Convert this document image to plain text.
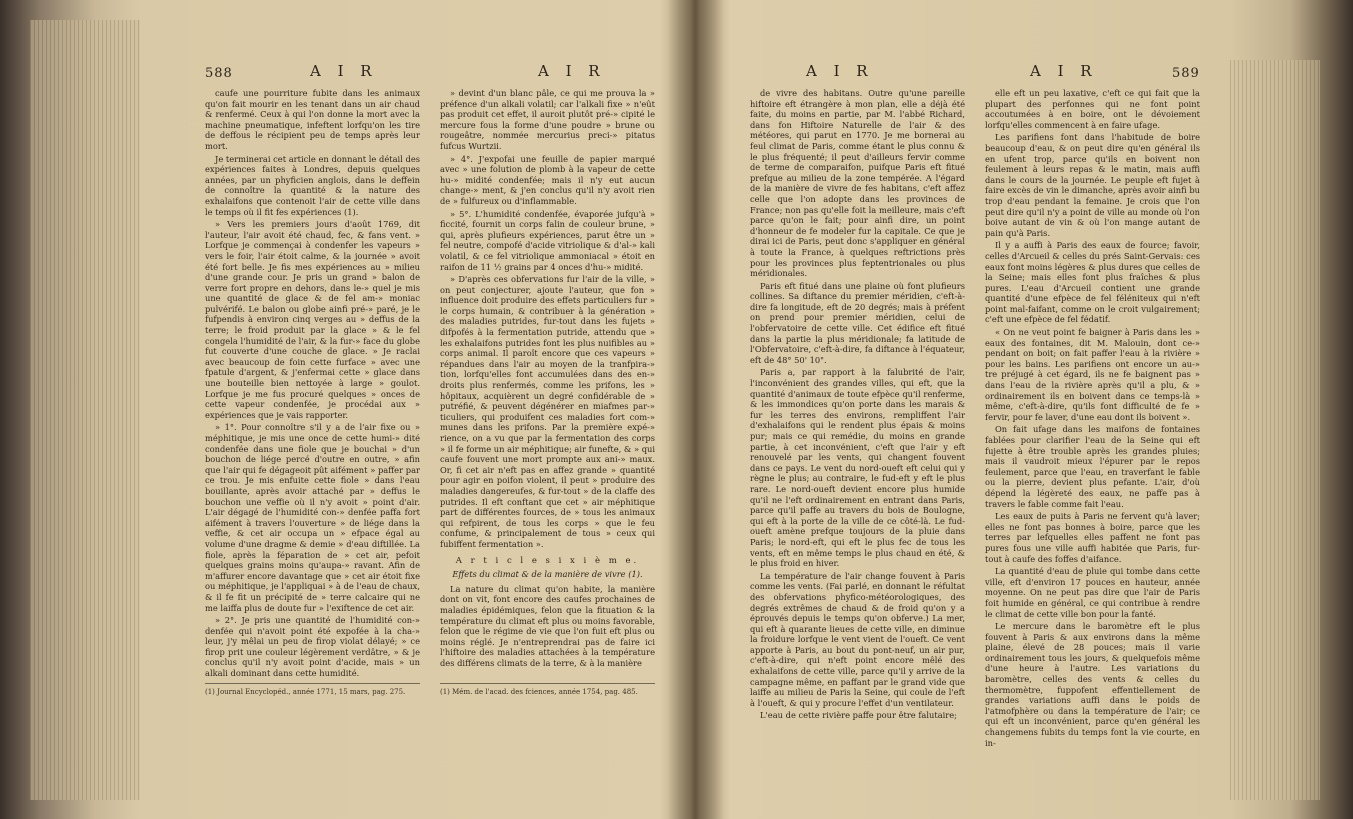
588	A I R	A I R

caufe une pourriture fubite dans les animaux qu'on fait mourir en les tenant dans un air chaud & renfermé. Ceux à qui l'on donne la mort avec la machine pneumatique, infeftent lorfqu'on les tire de deffous le récipient peu de temps après leur mort.

Je terminerai cet article en donnant le détail des expériences faites à Londres, depuis quelques années, par un phyficien anglois, dans le deffein de connoître la quantité & la nature des exhalaifons que contenoit l'air de cette ville dans le temps où il fit fes expériences (1).

» Vers les premiers jours d'août 1769, dit l'auteur, l'air avoit été chaud, fec, & fans vent. » Lorfque je commençai à condenfer les vapeurs » vers le foir, l'air étoit calme, & la journée » avoit été fort belle. Je fis mes expériences au » milieu d'une grande cour. Je pris un grand » balon de verre fort propre en dehors, dans le-» quel je mis une quantité de glace & de fel am-» moniac pulvérifé. Le balon ou globe ainfi pré-» paré, je le fufpendis à environ cinq verges au » deffus de la terre; le froid produit par la glace » & le fel congela l'humidité de l'air, & la fur-» face du globe fut couverte d'une couche de glace. » Je raclai avec beaucoup de foin cette furface » avec une fpatule d'argent, & j'enfermai cette » glace dans une bouteille bien nettoyée à large » goulot. Lorfque je me fus procuré quelques » onces de cette vapeur condenfée, je procédai aux » expériences que je vais rapporter.

» 1°. Pour connoître s'il y a de l'air fixe ou » méphitique, je mis une once de cette humi-» dité condenfée dans une fiole que je bouchai » d'un bouchon de liége percé d'outre en outre, » afin que l'air qui fe dégageoit pût aifément » paffer par ce trou. Je mis enfuite cette fiole » dans l'eau bouillante, après avoir attaché par » deffus le bouchon une veffie où il n'y avoit » point d'air. L'air dégagé de l'humidité con-» denfée paffa fort aifément à travers l'ouverture » de liége dans la veffie, & cet air occupa un » efpace égal au volume d'une dragme & demie » d'eau diftillée. La fiole, après la féparation de » cet air, pefoit quelques grains moins qu'aupa-» ravant. Afin de m'affurer encore davantage que » cet air étoit fixe ou méphitique, je l'appliquai » à de l'eau de chaux, & il fe fit un précipité de » terre calcaire qui ne me laiffa plus de doute fur » l'exiftence de cet air.

» 2°. Je pris une quantité de l'humidité con-» denfée qui n'avoit point été expofée à la cha-» leur, j'y mêlai un peu de firop violat délayé; » ce firop prit une couleur légèrement verdâtre, » & je conclus qu'il n'y avoit point d'acide, mais » un alkali dominant dans cette humidité.

(1) Journal Encyclopéd., année 1771, 15 mars, pag. 275.

» devint d'un blanc pâle, ce qui me prouva la » préfence d'un alkali volatil; car l'alkali fixe » n'eût pas produit cet effet, il auroit plutôt pré-» cipité le mercure fous la forme d'une poudre » brune ou rougeâtre, nommée mercurius preci-» pitatus fufcus Wurtzii.

» 4°. J'expofai une feuille de papier marqué avec » une folution de plomb à la vapeur de cette hu-» midité condenfée; mais il n'y eut aucun change-» ment, & j'en conclus qu'il n'y avoit rien de » fulfureux ou d'inflammable.

» 5°. L'humidité condenfée, évaporée jufqu'à » ficcité, fournit un corps falin de couleur brune, » qui, après plufieurs expériences, parut être un » fel neutre, compofé d'acide vitriolique & d'al-» kali volatil, & ce fel vitriolique ammoniacal » étoit en raifon de 11 ½ grains par 4 onces d'hu-» midité.

» D'après ces obfervations fur l'air de la ville, » on peut conjecturer, ajoute l'auteur, que fon » influence doit produire des effets particuliers fur » le corps humain, & contribuer à la génération » des maladies putrides, fur-tout dans les fujets » difpofés à la fermentation putride, attendu que » les exhalaifons putrides font les plus nuifibles au » corps animal. Il paroît encore que ces vapeurs » répandues dans l'air au moyen de la tranfpira-» tion, lorfqu'elles font accumulées dans des en-» droits plus renfermés, comme les prifons, les » hôpitaux, acquièrent un degré confidérable de » putréfié, & peuvent dégénérer en miafmes par-» ticuliers, qui produifent ces maladies fort com-» munes dans les prifons. Par la première expé-» rience, on a vu que par la fermentation des corps » il fe forme un air méphitique; air funefte, & » qui caufe fouvent une mort prompte aux ani-» maux. Or, fi cet air n'eft pas en affez grande » quantité pour agir en poifon violent, il peut » produire des maladies dangereufes, & fur-tout » de la claffe des putrides. Il eft conftant que cet » air méphitique part de différentes fources, de » tous les animaux qui refpirent, de tous les corps » que le feu confume, & principalement de tous » ceux qui fubiffent fermentation ».

A r t i c l e s i x i è m e.
Effets du climat & de la manière de vivre (1).

La nature du climat qu'on habite, la manière dont on vit, font encore des caufes prochaines de maladies épidémiques, felon que la fituation & la température du climat eft plus ou moins favorable, felon que le régime de vie que l'on fuit eft plus ou moins réglé. Je n'entreprendrai pas de faire ici l'hiftoire des maladies attachées à la température des différens climats de la terre, & à la manière

(1) Mém. de l'acad. des fciences, année 1754, pag. 485.
A I R	A I R	589

de vivre des habitans. Outre qu'une pareille hiftoire eft étrangère à mon plan, elle a déjà été faite, du moins en partie, par M. l'abbé Richard, dans fon Hiftoire Naturelle de l'air & des météores, qui parut en 1770. Je me bornerai au feul climat de Paris, comme étant le plus connu & le plus fréquenté; il peut d'ailleurs fervir comme de terme de comparaifon, puifque Paris eft fitué prefque au milieu de la zone tempérée. A l'égard de la manière de vivre de fes habitans, c'eft affez celle que l'on adopte dans les provinces de France; non pas qu'elle foit la meilleure, mais c'eft parce qu'on le fait; pour ainfi dire, un point d'honneur de fe modeler fur la capitale. Ce que je dirai ici de Paris, peut donc s'appliquer en général à toute la France, à quelques reftrictions près pour les provinces plus feptentrionales ou plus méridionales.

Paris eft fitué dans une plaine où font plufieurs collines. Sa diftance du premier méridien, c'eft-à-dire fa longitude, eft de 20 degrés; mais à préfent on prend pour premier méridien, celui de l'obfervatoire de cette ville. Cet édifice eft fitué dans la partie la plus méridionale; fa latitude de l'Obfervatoire, c'eft-à-dire, fa diftance à l'équateur, eft de 48° 50' 10".

Paris a, par rapport à la falubrité de l'air, l'inconvénient des grandes villes, qui eft, que la quantité d'animaux de toute efpèce qu'il renferme, & les immondices qu'on porte dans les marais & fur les terres des environs, rempliffent l'air d'exhalaifons qui le rendent plus épais & moins pur; mais ce qui remédie, du moins en grande partie, à cet inconvénient, c'eft que l'air y eft renouvelé par les vents, qui changent fouvent dans ce pays. Le vent du nord-oueft eft celui qui y règne le plus; au contraire, le fud-eft y eft le plus rare. Le nord-oueft devient encore plus humide qu'il ne l'eft ordinairement en entrant dans Paris, parce qu'il paffe au travers du bois de Boulogne, qui eft à la porte de la ville de ce côté-là. Le fud-oueft amène prefque toujours de la pluie dans Paris; le nord-eft, qui eft le plus fec de tous les vents, eft en même temps le plus chaud en été, & le plus froid en hiver.

La température de l'air change fouvent à Paris comme les vents. (Fai parlé, en donnant le réfultat des obfervations phyfico-météorologiques, des degrés extrêmes de chaud & de froid qu'on y a éprouvés depuis le temps qu'on obferve.) La mer, qui eft à quarante lieues de cette ville, en diminue la froidure lorfque le vent vient de l'oueft. Ce vent apporte à Paris, au bout du pont-neuf, un air pur, c'eft-à-dire, qui n'eft point encore mêlé des exhalaifons de cette ville, parce qu'il y arrive de la campagne même, en paffant par le grand vide que laiffe au milieu de Paris la Seine, qui coule de l'eft à l'oueft, & qui y procure l'effet d'un ventilateur.

L'eau de cette rivière paffe pour être falutaire;

elle eft un peu laxative, c'eft ce qui fait que la plupart des perfonnes qui ne font point accoutumées à en boire, ont le dévoiement lorfqu'elles commencent à en faire ufage.

Les parifiens font dans l'habitude de boire beaucoup d'eau, & on peut dire qu'en général ils en ufent trop, parce qu'ils en boivent non feulement à leurs repas & le matin, mais auffi dans le cours de la journée. Le peuple eft fujet à faire excès de vin le dimanche, après avoir ainfi bu trop d'eau pendant la femaine. Je crois que l'on peut dire qu'il n'y a point de ville au monde où l'on boive autant de vin & où l'on mange autant de pain qu'à Paris.

Il y a auffi à Paris des eaux de fource; favoir, celles d'Arcueil & celles du prés Saint-Gervais: ces eaux font moins légères & plus dures que celles de la Seine; mais elles font plus fraîches & plus pures. L'eau d'Arcueil contient une grande quantité d'une efpèce de fel féléniteux qui n'eft point mal-faifant, comme on le croit vulgairement; c'eft une efpèce de fel fédatif.

« On ne veut point fe baigner à Paris dans les » eaux des fontaines, dit M. Malouin, dont ce-» pendant on boit; on fait paffer l'eau à la rivière » pour les bains. Les parifiens ont encore un au-» tre préjugé à cet égard, ils ne fe baignent pas » dans l'eau de la rivière après qu'il a plu, & » ordinairement ils en boivent dans ce temps-là » même, c'eft-à-dire, qu'ils font difficulté de fe » fervir, pour fe laver, d'une eau dont ils boivent ».

On fait ufage dans les maifons de fontaines fablées pour clarifier l'eau de la Seine qui eft fujette à être trouble après les grandes pluies; mais il vaudroit mieux l'épurer par le repos feulement, parce que l'eau, en traverfant le fable ou la pierre, devient plus pefante. L'air, d'où dépend la légèreté des eaux, ne paffe pas à travers le fable comme fait l'eau.

Les eaux de puits à Paris ne fervent qu'à laver; elles ne font pas bonnes à boire, parce que les terres par lefquelles elles paffent ne font pas pures fous une ville auffi habitée que Paris, fur-tout à caufe des foffes d'aifance.

La quantité d'eau de pluie qui tombe dans cette ville, eft d'environ 17 pouces en hauteur, année moyenne. On ne peut pas dire que l'air de Paris foit humide en général, ce qui contribue à rendre le climat de cette ville bon pour la fanté.

Le mercure dans le baromètre eft le plus fouvent à Paris & aux environs dans la même plaine, élevé de 28 pouces; mais il varie ordinairement tous les jours, & quelquefois même d'une heure à l'autre. Les variations du baromètre, celles des vents & celles du thermomètre, fuppofent effentiellement de grandes variations auffi dans le poids de l'atmofphère ou dans la température de l'air; ce qui eft un inconvénient, parce qu'en général les changemens fubits du temps font la vie courte, en in-
